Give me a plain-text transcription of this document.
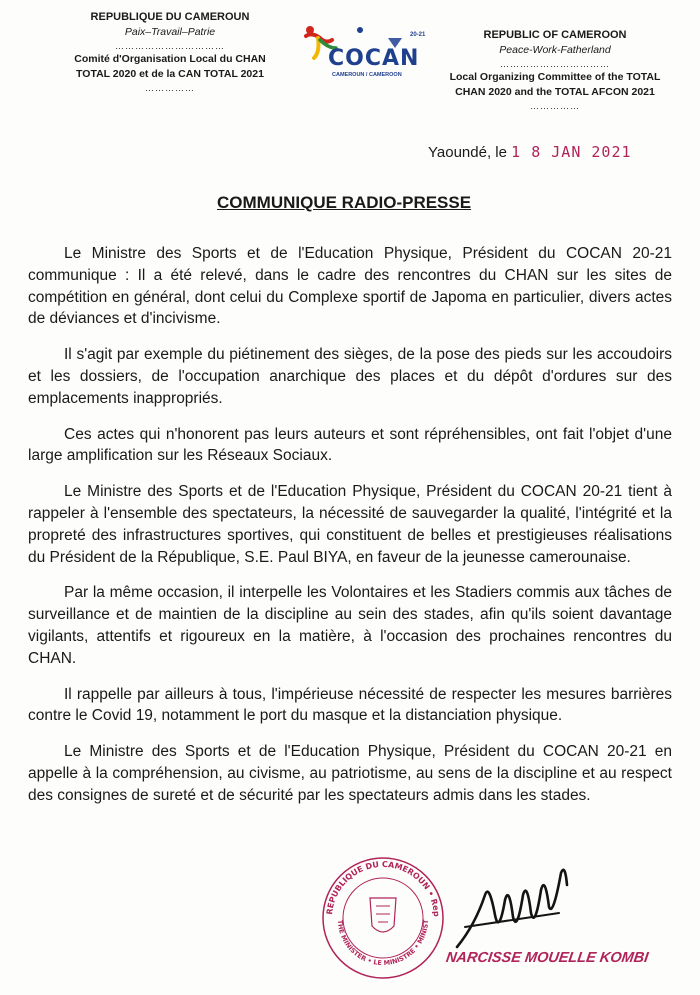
REPUBLIQUE DU CAMEROUN
Paix–Travail–Patrie
……………………………
Comité d'Organisation Local du CHAN
TOTAL 2020 et de la CAN TOTAL 2021
……………
20-21
COCAN
CAMEROUN / CAMEROON
REPUBLIC OF CAMEROON
Peace-Work-Fatherland
……………………………
Local Organizing Committee of the TOTAL
CHAN 2020 and the TOTAL AFCON 2021
……………
Yaoundé, le 1 8 JAN 2021
COMMUNIQUE RADIO-PRESSE

Le Ministre des Sports et de l'Education Physique, Président du COCAN 20-21 communique : Il a été relevé, dans le cadre des rencontres du CHAN sur les sites de compétition en général, dont celui du Complexe sportif de Japoma en particulier, divers actes de déviances et d'incivisme.

Il s'agit par exemple du piétinement des sièges, de la pose des pieds sur les accoudoirs et les dossiers, de l'occupation anarchique des places et du dépôt d'ordures sur des emplacements inappropriés.

Ces actes qui n'honorent pas leurs auteurs et sont répréhensibles, ont fait l'objet d'une large amplification sur les Réseaux Sociaux.

Le Ministre des Sports et de l'Education Physique, Président du COCAN 20-21 tient à rappeler à l'ensemble des spectateurs, la nécessité de sauvegarder la qualité, l'intégrité et la propreté des infrastructures sportives, qui constituent de belles et prestigieuses réalisations du Président de la République, S.E. Paul BIYA, en faveur de la jeunesse camerounaise.

Par la même occasion, il interpelle les Volontaires et les Stadiers commis aux tâches de surveillance et de maintien de la discipline au sein des stades, afin qu'ils soient davantage vigilants, attentifs et rigoureux en la matière, à l'occasion des prochaines rencontres du CHAN.

Il rappelle par ailleurs à tous, l'impérieuse nécessité de respecter les mesures barrières contre le Covid 19, notamment le port du masque et la distanciation physique.

Le Ministre des Sports et de l'Education Physique, Président du COCAN 20-21 en appelle à la compréhension, au civisme, au patriotisme, au sens de la discipline et au respect des consignes de sureté et de sécurité par les spectateurs admis dans les stades.

REPUBLIQUE DU CAMEROUN • Rep
THE MINISTER • LE MINISTRE • MINIST
NARCISSE MOUELLE KOMBI
